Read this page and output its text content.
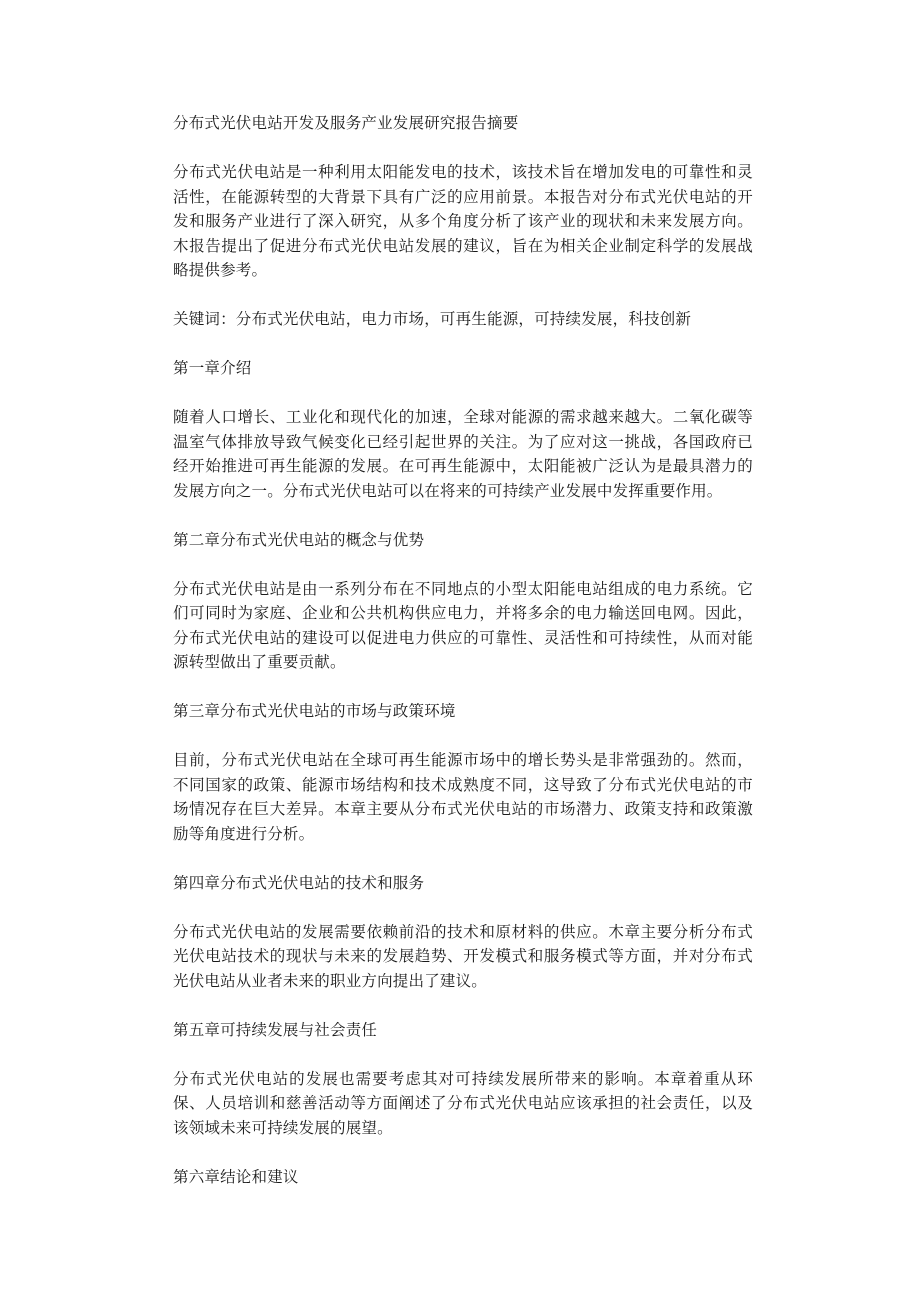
分布式光伏电站开发及服务产业发展研究报告摘要

分布式光伏电站是一种利用太阳能发电的技术，该技术旨在增加发电的可靠性和灵活性，在能源转型的大背景下具有广泛的应用前景。本报告对分布式光伏电站的开发和服务产业进行了深入研究，从多个角度分析了该产业的现状和未来发展方向。木报告提出了促进分布式光伏电站发展的建议，旨在为相关企业制定科学的发展战略提供参考。

关键词：分布式光伏电站，电力市场，可再生能源，可持续发展，科技创新

第一章介绍

随着人口增长、工业化和现代化的加速，全球对能源的需求越来越大。二氧化碳等温室气体排放导致气候变化已经引起世界的关注。为了应对这一挑战，各国政府已经开始推进可再生能源的发展。在可再生能源中，太阳能被广泛认为是最具潜力的发展方向之一。分布式光伏电站可以在将来的可持续产业发展中发挥重要作用。

第二章分布式光伏电站的概念与优势

分布式光伏电站是由一系列分布在不同地点的小型太阳能电站组成的电力系统。它们可同时为家庭、企业和公共机构供应电力，并将多余的电力输送回电网。因此，分布式光伏电站的建设可以促进电力供应的可靠性、灵活性和可持续性，从而对能源转型做出了重要贡献。

第三章分布式光伏电站的市场与政策环境

目前，分布式光伏电站在全球可再生能源市场中的增长势头是非常强劲的。然而，不同国家的政策、能源市场结构和技术成熟度不同，这导致了分布式光伏电站的市场情况存在巨大差异。本章主要从分布式光伏电站的市场潜力、政策支持和政策激励等角度进行分析。

第四章分布式光伏电站的技术和服务

分布式光伏电站的发展需要依赖前沿的技术和原材料的供应。木章主要分析分布式光伏电站技术的现状与未来的发展趋势、开发模式和服务模式等方面，并对分布式光伏电站从业者未来的职业方向提出了建议。

第五章可持续发展与社会责任

分布式光伏电站的发展也需要考虑其对可持续发展所带来的影响。本章着重从环保、人员培训和慈善活动等方面阐述了分布式光伏电站应该承担的社会责任，以及该领域未来可持续发展的展望。

第六章结论和建议
